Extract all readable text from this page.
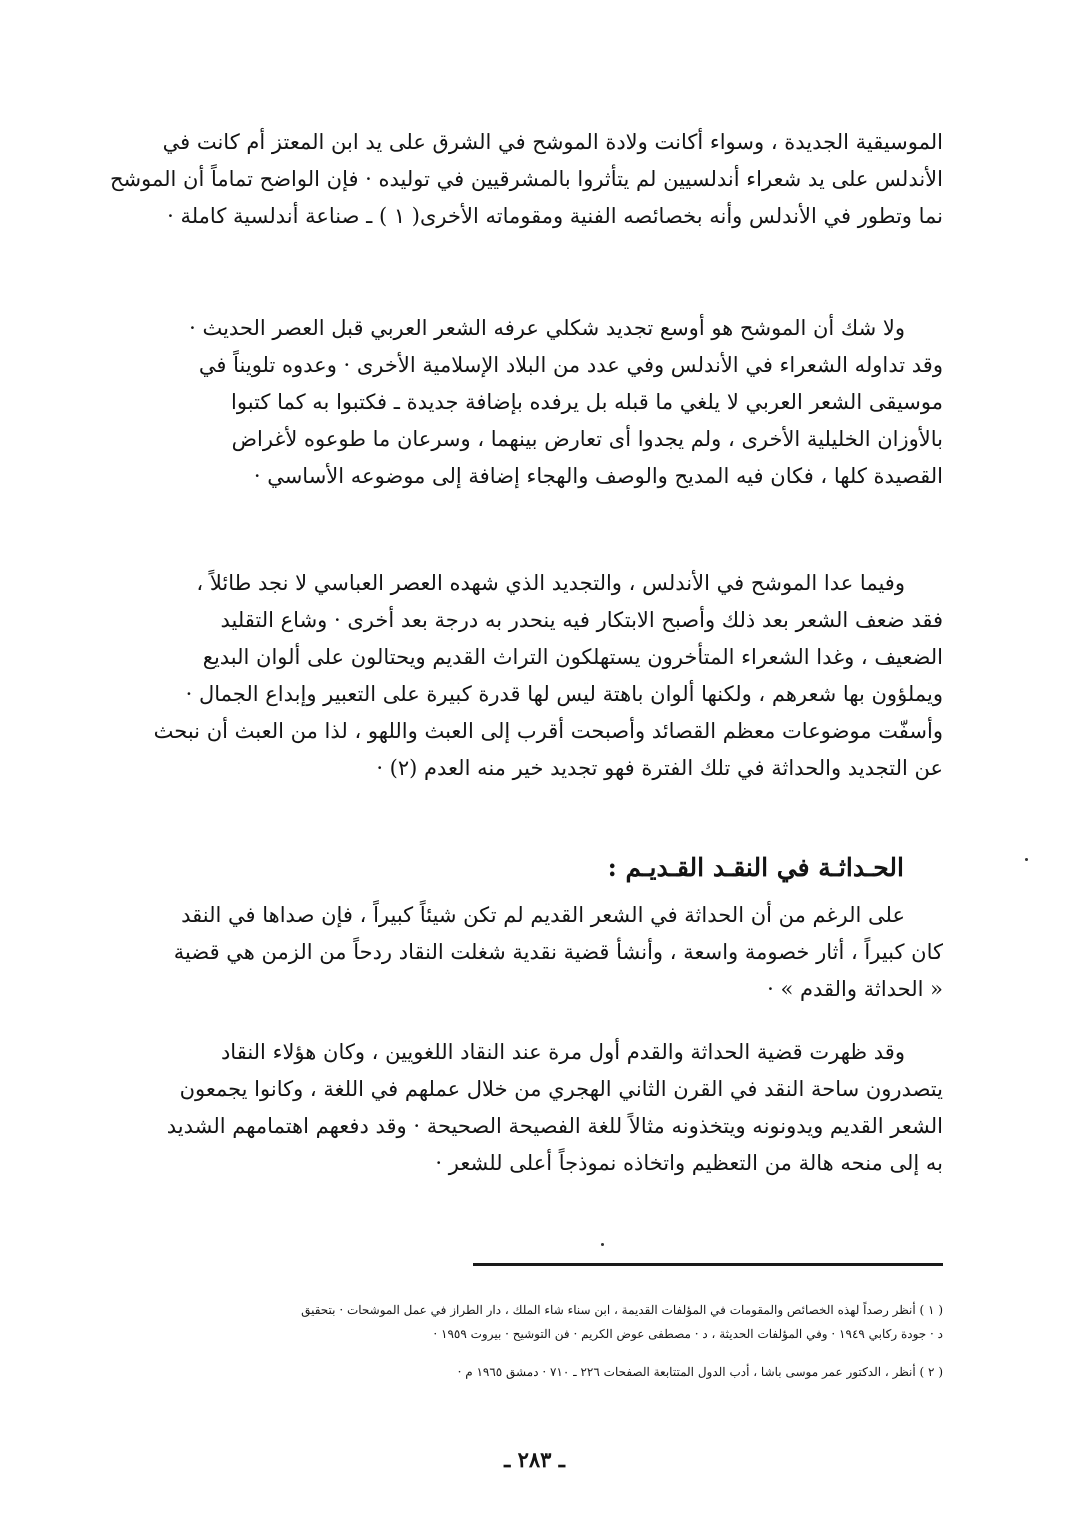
الموسيقية الجديدة ، وسواء أكانت ولادة الموشح في الشرق على يد ابن المعتز أم كانت في
الأندلس على يد شعراء أندلسيين لم يتأثروا بالمشرقيين في توليده · فإن الواضح تماماً أن الموشح
نما وتطور في الأندلس وأنه بخصائصه الفنية ومقوماته الأخرى( ١ ) ـ صناعة أندلسية كاملة ·
ولا شك أن الموشح هو أوسع تجديد شكلي عرفه الشعر العربي قبل العصر الحديث ·
وقد تداوله الشعراء في الأندلس وفي عدد من البلاد الإسلامية الأخرى · وعدوه تلويناً في
موسيقى الشعر العربي لا يلغي ما قبله بل يرفده بإضافة جديدة ـ فكتبوا به كما كتبوا
بالأوزان الخليلية الأخرى ، ولم يجدوا أى تعارض بينهما ، وسرعان ما طوعوه لأغراض
القصيدة كلها ، فكان فيه المديح والوصف والهجاء إضافة إلى موضوعه الأساسي ·
وفيما عدا الموشح في الأندلس ، والتجديد الذي شهده العصر العباسي لا نجد طائلاً ،
فقد ضعف الشعر بعد ذلك وأصبح الابتكار فيه ينحدر به درجة بعد أخرى · وشاع التقليد
الضعيف ، وغدا الشعراء المتأخرون يستهلكون التراث القديم ويحتالون على ألوان البديع
ويملؤون بها شعرهم ، ولكنها ألوان باهتة ليس لها قدرة كبيرة على التعبير وإبداع الجمال ·
وأسفّت موضوعات معظم القصائد وأصبحت أقرب إلى العبث واللهو ، لذا من العبث أن نبحث
عن التجديد والحداثة في تلك الفترة فهو تجديد خير منه العدم (٢) ·
الحـداثـة في النقـد القـديـم :
على الرغم من أن الحداثة في الشعر القديم لم تكن شيئاً كبيراً ، فإن صداها في النقد
كان كبيراً ، أثار خصومة واسعة ، وأنشأ قضية نقدية شغلت النقاد ردحاً من الزمن هي قضية
« الحداثة والقدم » ·
وقد ظهرت قضية الحداثة والقدم أول مرة عند النقاد اللغويين ، وكان هؤلاء النقاد
يتصدرون ساحة النقد في القرن الثاني الهجري من خلال عملهم في اللغة ، وكانوا يجمعون
الشعر القديم ويدونونه ويتخذونه مثالاً للغة الفصيحة الصحيحة · وقد دفعهم اهتمامهم الشديد
به إلى منحه هالة من التعظيم واتخاذه نموذجاً أعلى للشعر ·
( ١ ) أنظر رصداً لهذه الخصائص والمقومات في المؤلفات القديمة ، ابن سناء شاء الملك ، دار الطراز في عمل الموشحات · بتحقيق
د · جودة ركابي ١٩٤٩ · وفي المؤلفات الحديثة ، د · مصطفى عوض الكريم · فن التوشيح · بيروت ١٩٥٩ ·
( ٢ ) أنظر ، الدكتور عمر موسى باشا ، أدب الدول المتتابعة الصفحات ٢٢٦ ـ ٧١٠ · دمشق ١٩٦٥ م ·
ـ ٢٨٣ ـ
